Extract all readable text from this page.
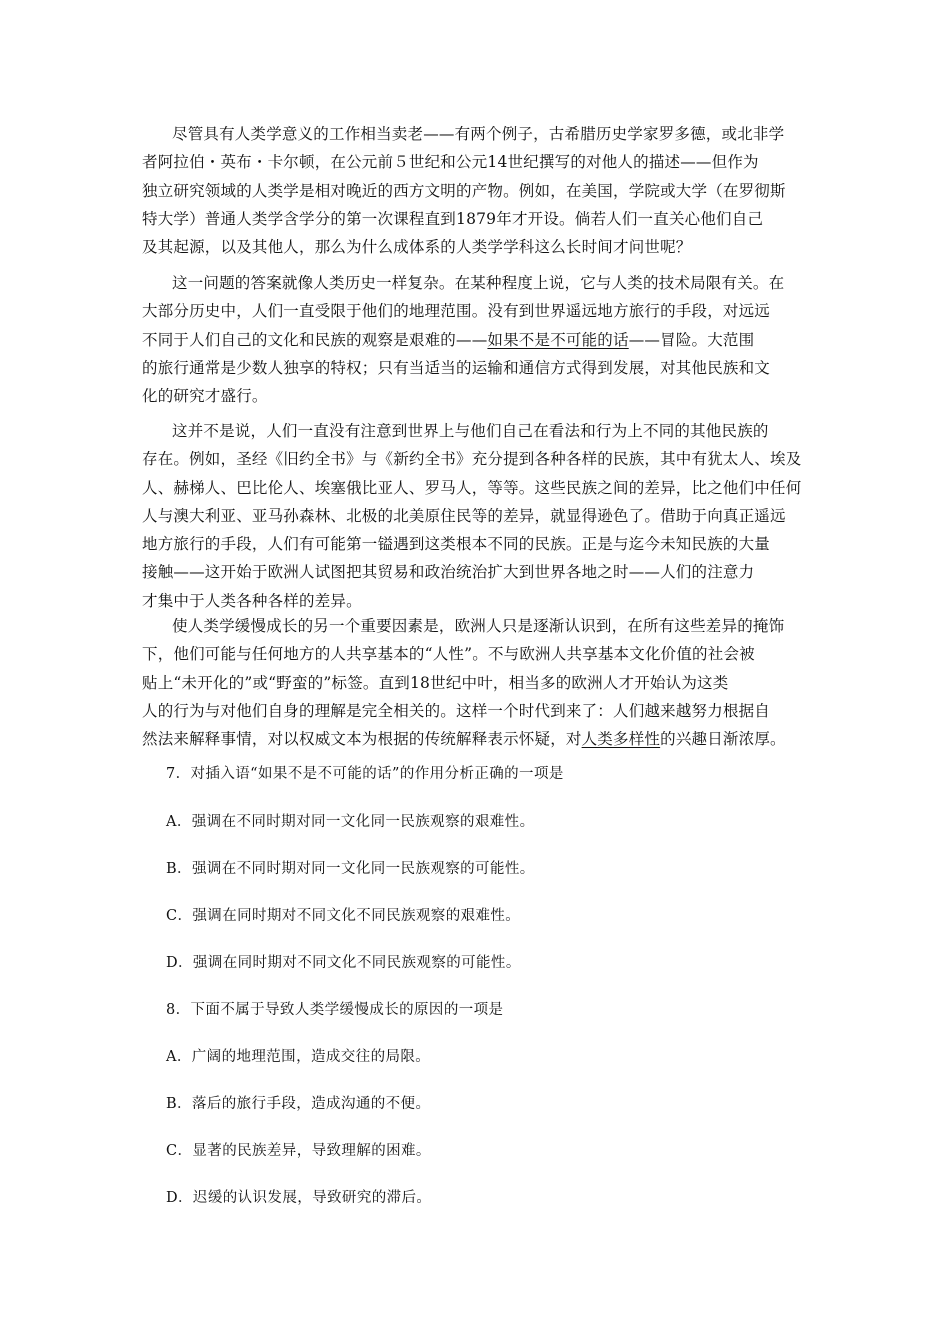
尽管具有人类学意义的工作相当卖老——有两个例子，古希腊历史学家罗多德，或北非学
者阿拉伯・英布・卡尔顿，在公元前５世纪和公元14世纪撰写的对他人的描述——但作为
独立研究领域的人类学是相对晚近的西方文明的产物。例如，在美国，学院或大学（在罗彻斯
特大学）普通人类学含学分的第一次课程直到1879年才开设。倘若人们一直关心他们自己
及其起源，以及其他人，那么为什么成体系的人类学学科这么长时间才问世呢？

这一问题的答案就像人类历史一样复杂。在某种程度上说，它与人类的技术局限有关。在
大部分历史中，人们一直受限于他们的地理范围。没有到世界遥远地方旅行的手段，对远远
不同于人们自己的文化和民族的观察是艰难的——如果不是不可能的话——冒险。大范围
的旅行通常是少数人独享的特权；只有当适当的运输和通信方式得到发展，对其他民族和文
化的研究才盛行。

这并不是说，人们一直没有注意到世界上与他们自己在看法和行为上不同的其他民族的
存在。例如，圣经《旧约全书》与《新约全书》充分提到各种各样的民族，其中有犹太人、埃及
人、赫梯人、巴比伦人、埃塞俄比亚人、罗马人，等等。这些民族之间的差异，比之他们中任何
人与澳大利亚、亚马孙森林、北极的北美原住民等的差异，就显得逊色了。借助于向真正遥远
地方旅行的手段，人们有可能第一镒遇到这类根本不同的民族。正是与迄今未知民族的大量
接触——这开始于欧洲人试图把其贸易和政治统治扩大到世界各地之时——人们的注意力
才集中于人类各种各样的差异。

使人类学缓慢成长的另一个重要因素是，欧洲人只是逐渐认识到，在所有这些差异的掩饰
下，他们可能与任何地方的人共享基本的“人性”。不与欧洲人共享基本文化价值的社会被
贴上“未开化的”或“野蛮的”标签。直到18世纪中叶，相当多的欧洲人才开始认为这类
人的行为与对他们自身的理解是完全相关的。这样一个时代到来了：人们越来越努力根据自
然法来解释事情，对以权威文本为根据的传统解释表示怀疑，对人类多样性的兴趣日渐浓厚。

7．对插入语“如果不是不可能的话”的作用分析正确的一项是

A．强调在不同时期对同一文化同一民族观察的艰难性。

B．强调在不同时期对同一文化同一民族观察的可能性。

C．强调在同时期对不同文化不同民族观察的艰难性。

D．强调在同时期对不同文化不同民族观察的可能性。

8．下面不属于导致人类学缓慢成长的原因的一项是

A．广阔的地理范围，造成交往的局限。

B．落后的旅行手段，造成沟通的不便。

C．显著的民族差异，导致理解的困难。

D．迟缓的认识发展，导致研究的滞后。
